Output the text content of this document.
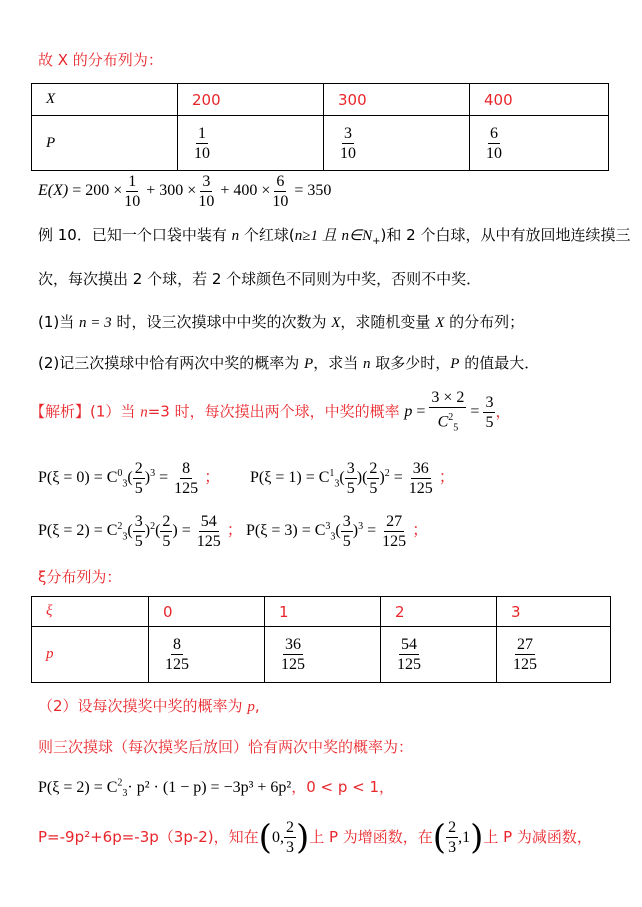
故 X 的分布列为：
X	200	300	400
P	$\frac{1}{10}$	$\frac{3}{10}$	$\frac{6}{10}$
$E(X) = 200 \times \frac{1}{10} + 300 \times \frac{3}{10} + 400 \times \frac{6}{10} = 350$
例 10．已知一个口袋中装有 n 个红球(n≥1 且 $n\in N_+$)和 2 个白球，从中有放回地连续摸三
次，每次摸出 2 个球，若 2 个球颜色不同则为中奖，否则不中奖．
(1)当 n = 3 时，设三次摸球中中奖的次数为 X，求随机变量 X 的分布列；
(2)记三次摸球中恰有两次中奖的概率为 P，求当 n 取多少时，P 的值最大．
【解析】(1）当 n=3 时，每次摸出两个球，中奖的概率 $p = \frac{3 \times 2}{C^2_5} = \frac{3}{5}$ ，
$P(\xi = 0) = C^0_3( \frac{2}{5} )^3 = \frac{8}{125}$ ； $P(\xi = 1) = C^1_3( \frac{3}{5}$ )( $\frac{2}{5} )^2 = \frac{36}{125}$ ；
$P(\xi = 2) = C^2_3( \frac{3}{5} )^2( \frac{2}{5}$ ) = $\frac{54}{125}$ ； $P(\xi = 3) = C^3_3( \frac{3}{5} )^3 = \frac{27}{125}$ ；
ξ分布列为：
ξ	0	1	2	3
p	$\frac{8}{125}$	$\frac{36}{125}$	$\frac{54}{125}$	$\frac{27}{125}$
（2）设每次摸奖中奖的概率为 p,
则三次摸球（每次摸奖后放回）恰有两次中奖的概率为：
$P(\xi = 2) = C^2_3\cdot p^2 \cdot (1 - p) = -3p^3 + 6p^2$，0 < p < 1，
P=-9p²+6p=-3p（3p-2)，知在(0, $\frac{2}{3}$ )上 P 为增函数，在( $\frac{2}{3} ,1$)上 P 为减函数，
